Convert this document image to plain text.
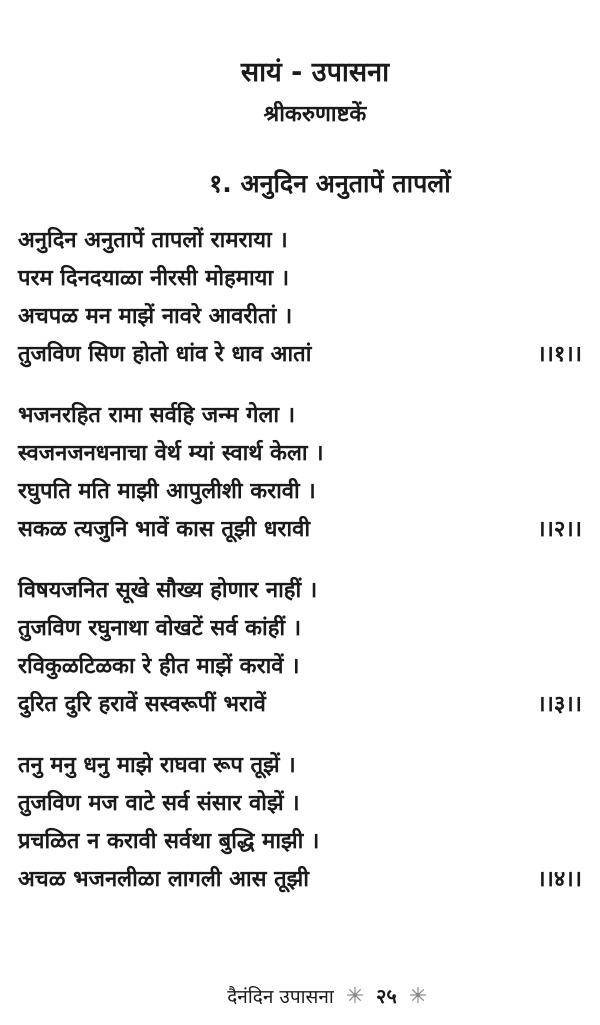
सायं - उपासना
श्रीकरुणाष्टकें
१. अनुदिन अनुतापें तापलों
अनुदिन अनुतापें तापलों रामराया ।
परम दिनदयाळा नीरसी मोहमाया ।
अचपळ मन माझें नावरे आवरीतां ।
तुजविण सिण होतो धांव रे धाव आतां	।।१।।
भजनरहित रामा सर्वहि जन्म गेला ।
स्वजनजनधनाचा वेर्थ म्यां स्वार्थ केला ।
रघुपति मति माझी आपुलीशी करावी ।
सकळ त्यजुनि भावें कास तूझी धरावी	।।२।।
विषयजनित सूखे सौख्य होणार नाहीं ।
तुजविण रघुनाथा वोखटें सर्व कांहीं ।
रविकुळटिळका रे हीत माझें करावें ।
दुरित दुरि हरावें सस्वरूपीं भरावें	।।३।।
तनु मनु धनु माझे राघवा रूप तूझें ।
तुजविण मज वाटे सर्व संसार वोझें ।
प्रचळित न करावी सर्वथा बुद्धि माझी ।
अचळ भजनलीळा लागली आस तूझी	।।४।।
दैनंदिन उपासना २५
